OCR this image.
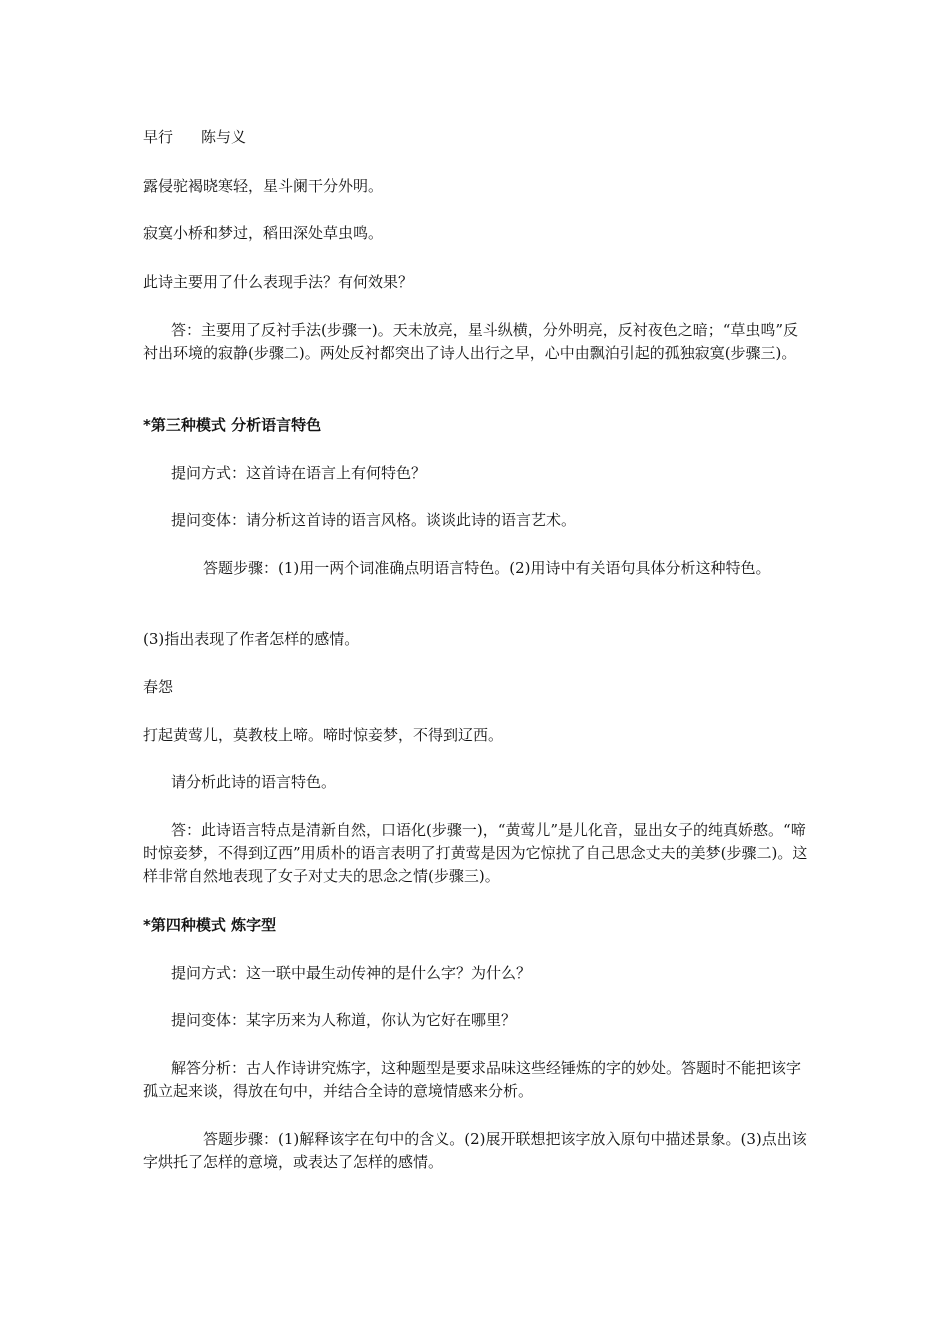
早行 陈与义

露侵驼褐晓寒轻，星斗阑干分外明。

寂寞小桥和梦过，稻田深处草虫鸣。

此诗主要用了什么表现手法？有何效果？

答：主要用了反衬手法(步骤一)。天未放亮，星斗纵横，分外明亮，反衬夜色之暗；“草虫鸣”反衬出环境的寂静(步骤二)。两处反衬都突出了诗人出行之早，心中由飘泊引起的孤独寂寞(步骤三)。

*第三种模式 分析语言特色

提问方式：这首诗在语言上有何特色？

提问变体：请分析这首诗的语言风格。谈谈此诗的语言艺术。

答题步骤：(1)用一两个词准确点明语言特色。(2)用诗中有关语句具体分析这种特色。

(3)指出表现了作者怎样的感情。

春怨

打起黄莺儿，莫教枝上啼。啼时惊妾梦，不得到辽西。

请分析此诗的语言特色。

答：此诗语言特点是清新自然，口语化(步骤一)，“黄莺儿”是儿化音，显出女子的纯真娇憨。“啼时惊妾梦，不得到辽西”用质朴的语言表明了打黄莺是因为它惊扰了自己思念丈夫的美梦(步骤二)。这样非常自然地表现了女子对丈夫的思念之情(步骤三)。

*第四种模式 炼字型

提问方式：这一联中最生动传神的是什么字？为什么？

提问变体：某字历来为人称道，你认为它好在哪里？

解答分析：古人作诗讲究炼字，这种题型是要求品味这些经锤炼的字的妙处。答题时不能把该字孤立起来谈，得放在句中，并结合全诗的意境情感来分析。

答题步骤：(1)解释该字在句中的含义。(2)展开联想把该字放入原句中描述景象。(3)点出该字烘托了怎样的意境，或表达了怎样的感情。
